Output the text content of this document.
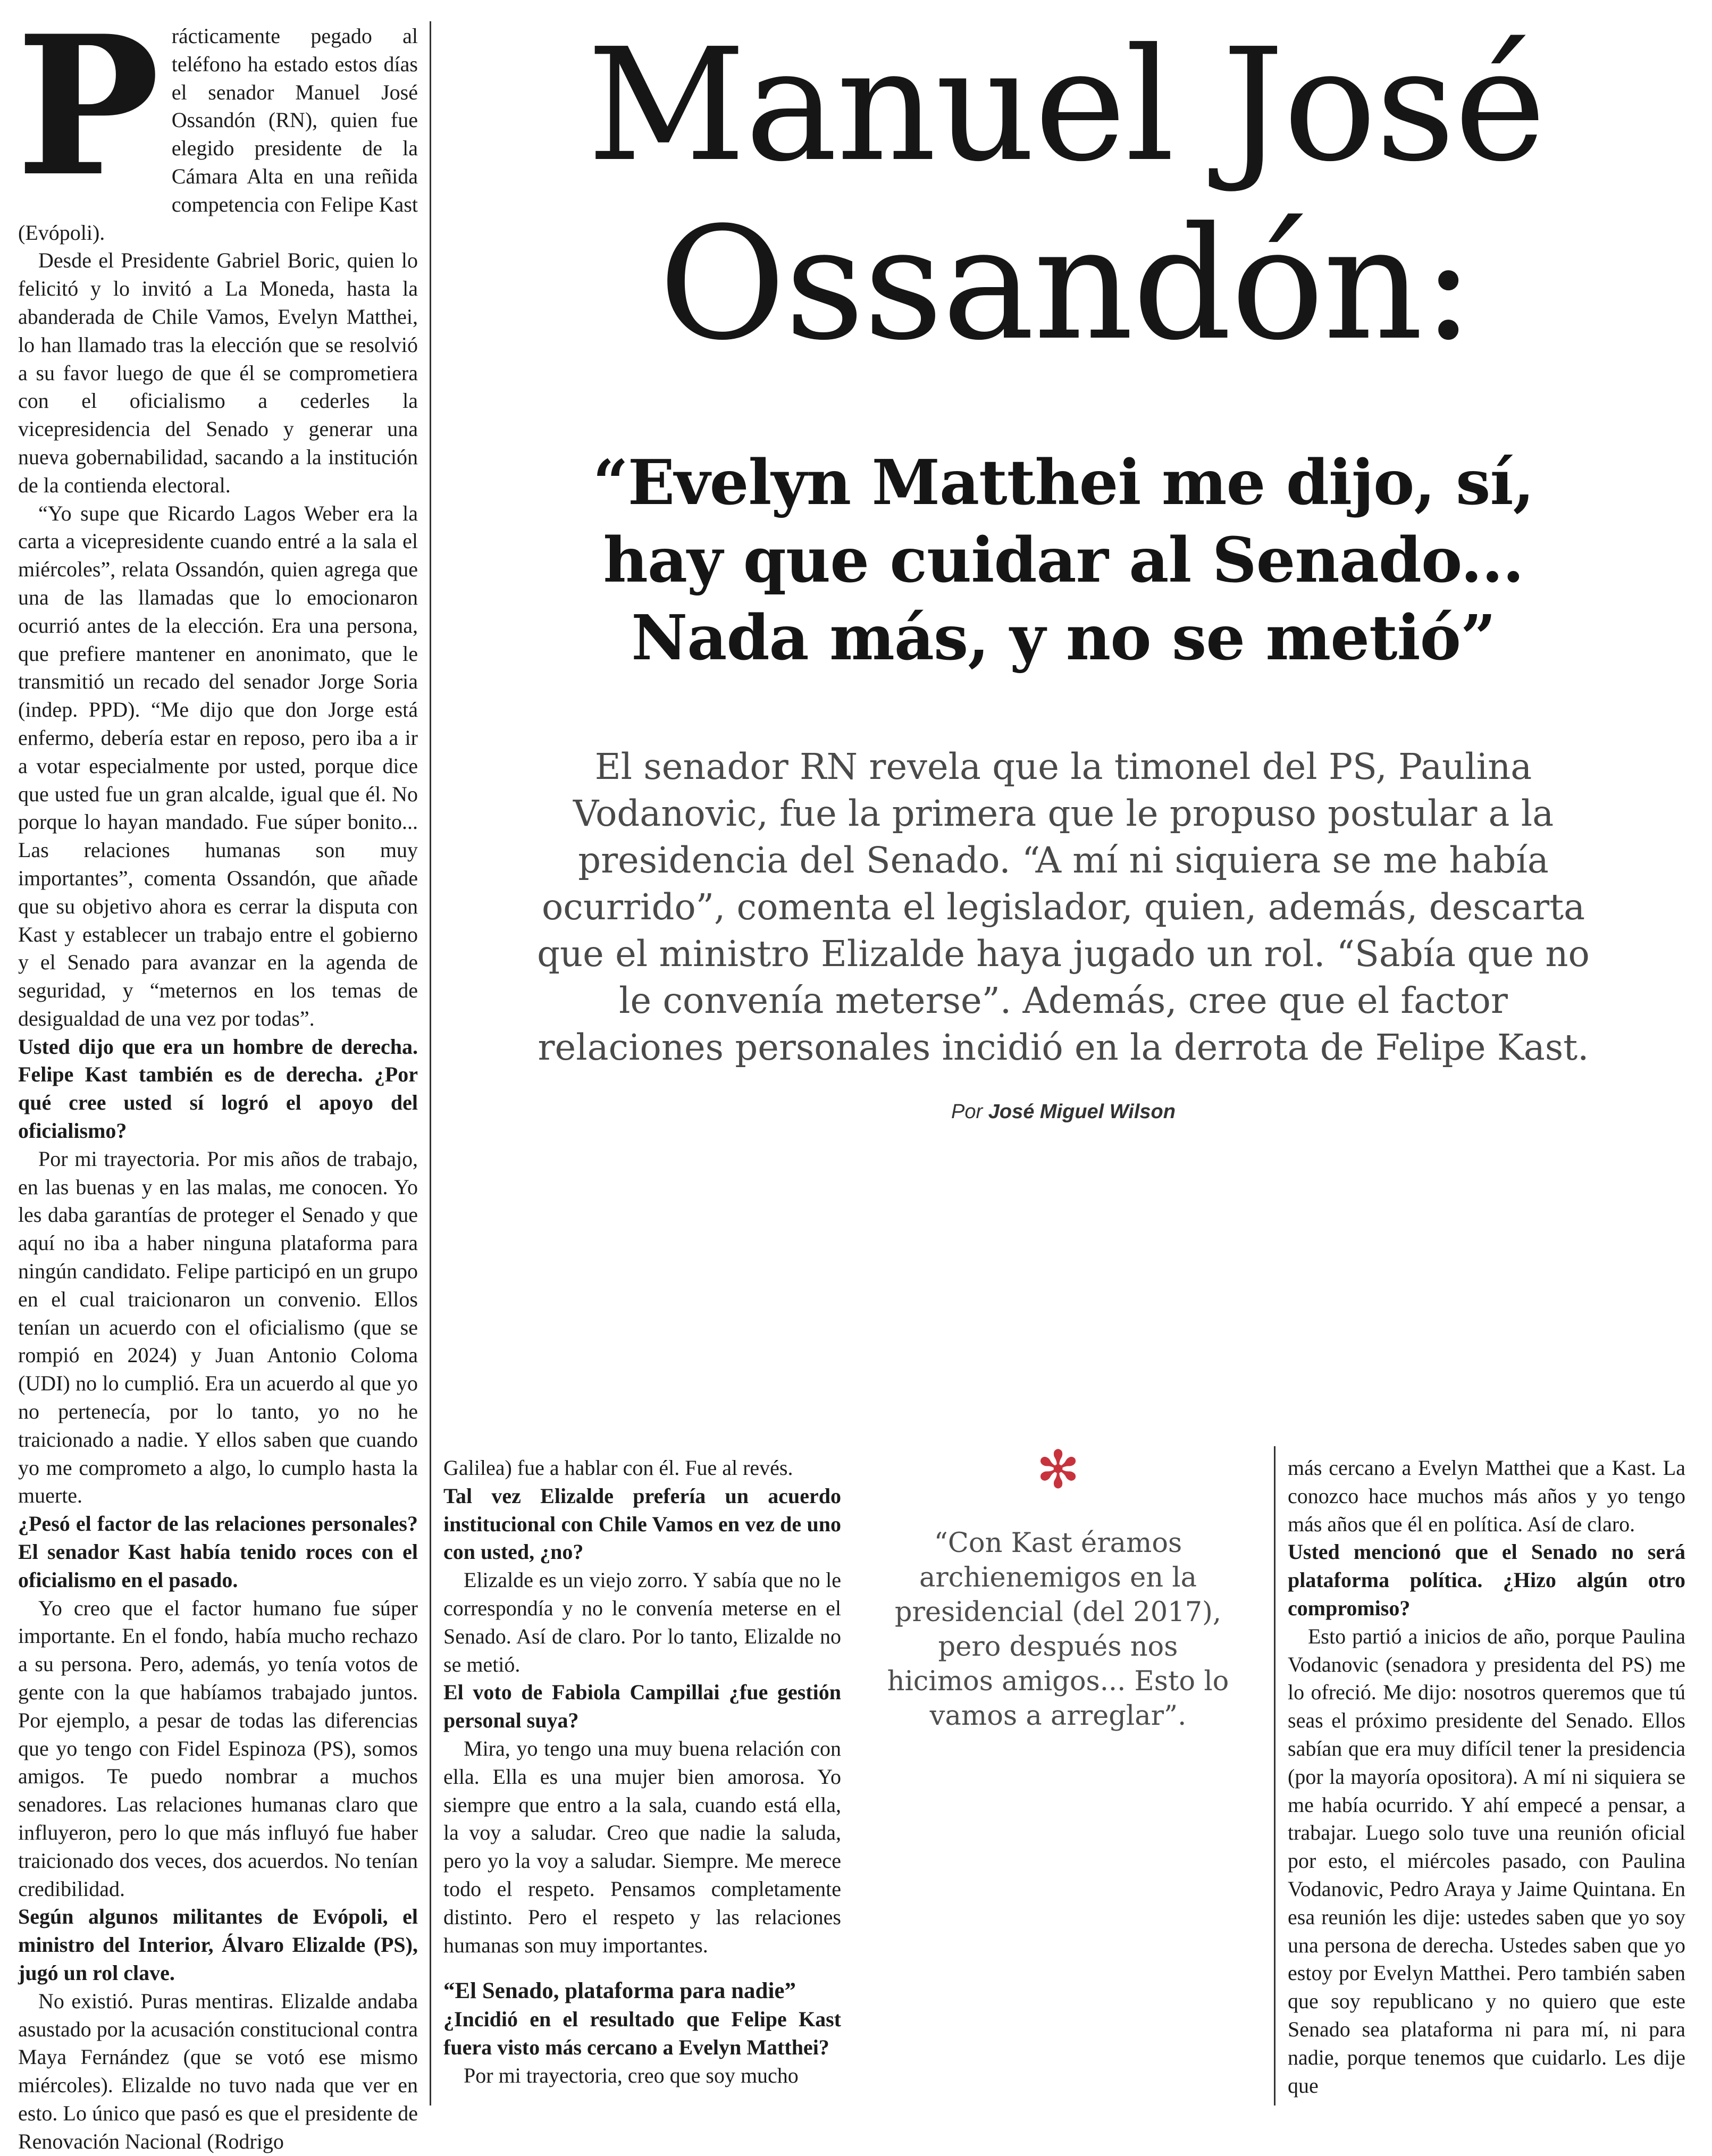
Manuel José Ossandón:
“Evelyn Matthei me dijo, sí, hay que cuidar al Senado... Nada más, y no se metió”

El senador RN revela que la timonel del PS, Paulina Vodanovic, fue la primera que le propuso postular a la presidencia del Senado. “A mí ni siquiera se me había ocurrido”, comenta el legislador, quien, además, descarta que el ministro Elizalde haya jugado un rol. “Sabía que no le convenía meterse”. Además, cree que el factor relaciones personales incidió en la derrota de Felipe Kast.

Por José Miguel Wilson
P rácticamente pegado al teléfono ha estado estos días el senador Manuel José Ossandón (RN), quien fue elegido presidente de la Cámara Alta en una reñida competencia con Felipe Kast (Evópoli).

Desde el Presidente Gabriel Boric, quien lo felicitó y lo invitó a La Moneda, hasta la abanderada de Chile Vamos, Evelyn Matthei, lo han llamado tras la elección que se resolvió a su favor luego de que él se comprometiera con el oficialismo a cederles la vicepresidencia del Senado y generar una nueva gobernabilidad, sacando a la institución de la contienda electoral.

“Yo supe que Ricardo Lagos Weber era la carta a vicepresidente cuando entré a la sala el miércoles”, relata Ossandón, quien agrega que una de las llamadas que lo emocionaron ocurrió antes de la elección. Era una persona, que prefiere mantener en anonimato, que le transmitió un recado del senador Jorge Soria (indep. PPD). “Me dijo que don Jorge está enfermo, debería estar en reposo, pero iba a ir a votar especialmente por usted, porque dice que usted fue un gran alcalde, igual que él. No porque lo hayan mandado. Fue súper bonito... Las relaciones humanas son muy importantes”, comenta Ossandón, que añade que su objetivo ahora es cerrar la disputa con Kast y establecer un trabajo entre el gobierno y el Senado para avanzar en la agenda de seguridad, y “meternos en los temas de desigualdad de una vez por todas”.

Usted dijo que era un hombre de derecha. Felipe Kast también es de derecha. ¿Por qué cree usted sí logró el apoyo del oficialismo?

Por mi trayectoria. Por mis años de trabajo, en las buenas y en las malas, me conocen. Yo les daba garantías de proteger el Senado y que aquí no iba a haber ninguna plataforma para ningún candidato. Felipe participó en un grupo en el cual traicionaron un convenio. Ellos tenían un acuerdo con el oficialismo (que se rompió en 2024) y Juan Antonio Coloma (UDI) no lo cumplió. Era un acuerdo al que yo no pertenecía, por lo tanto, yo no he traicionado a nadie. Y ellos saben que cuando yo me comprometo a algo, lo cumplo hasta la muerte.

¿Pesó el factor de las relaciones personales? El senador Kast había tenido roces con el oficialismo en el pasado.

Yo creo que el factor humano fue súper importante. En el fondo, había mucho rechazo a su persona. Pero, además, yo tenía votos de gente con la que habíamos trabajado juntos. Por ejemplo, a pesar de todas las diferencias que yo tengo con Fidel Espinoza (PS), somos amigos. Te puedo nombrar a muchos senadores. Las relaciones humanas claro que influyeron, pero lo que más influyó fue haber traicionado dos veces, dos acuerdos. No tenían credibilidad.

Según algunos militantes de Evópoli, el ministro del Interior, Álvaro Elizalde (PS), jugó un rol clave.

No existió. Puras mentiras. Elizalde andaba asustado por la acusación constitucional contra Maya Fernández (que se votó ese mismo miércoles). Elizalde no tuvo nada que ver en esto. Lo único que pasó es que el presidente de Renovación Nacional (Rodrigo

Galilea) fue a hablar con él. Fue al revés.

Tal vez Elizalde prefería un acuerdo institucional con Chile Vamos en vez de uno con usted, ¿no?

Elizalde es un viejo zorro. Y sabía que no le correspondía y no le convenía meterse en el Senado. Así de claro. Por lo tanto, Elizalde no se metió.

El voto de Fabiola Campillai ¿fue gestión personal suya?

Mira, yo tengo una muy buena relación con ella. Ella es una mujer bien amorosa. Yo siempre que entro a la sala, cuando está ella, la voy a saludar. Creo que nadie la saluda, pero yo la voy a saludar. Siempre. Me merece todo el respeto. Pensamos completamente distinto. Pero el respeto y las relaciones humanas son muy importantes.

“El Senado, plataforma para nadie”

¿Incidió en el resultado que Felipe Kast fuera visto más cercano a Evelyn Matthei?

Por mi trayectoria, creo que soy mucho

✻

“Con Kast éramos archienemigos en la presidencial (del 2017), pero después nos hicimos amigos... Esto lo vamos a arreglar”.

más cercano a Evelyn Matthei que a Kast. La conozco hace muchos más años y yo tengo más años que él en política. Así de claro.

Usted mencionó que el Senado no será plataforma política. ¿Hizo algún otro compromiso?

Esto partió a inicios de año, porque Paulina Vodanovic (senadora y presidenta del PS) me lo ofreció. Me dijo: nosotros queremos que tú seas el próximo presidente del Senado. Ellos sabían que era muy difícil tener la presidencia (por la mayoría opositora). A mí ni siquiera se me había ocurrido. Y ahí empecé a pensar, a trabajar. Luego solo tuve una reunión oficial por esto, el miércoles pasado, con Paulina Vodanovic, Pedro Araya y Jaime Quintana. En esa reunión les dije: ustedes saben que yo soy una persona de derecha. Ustedes saben que yo estoy por Evelyn Matthei. Pero también saben que soy republicano y no quiero que este Senado sea plataforma ni para mí, ni para nadie, porque tenemos que cuidarlo. Les dije que
